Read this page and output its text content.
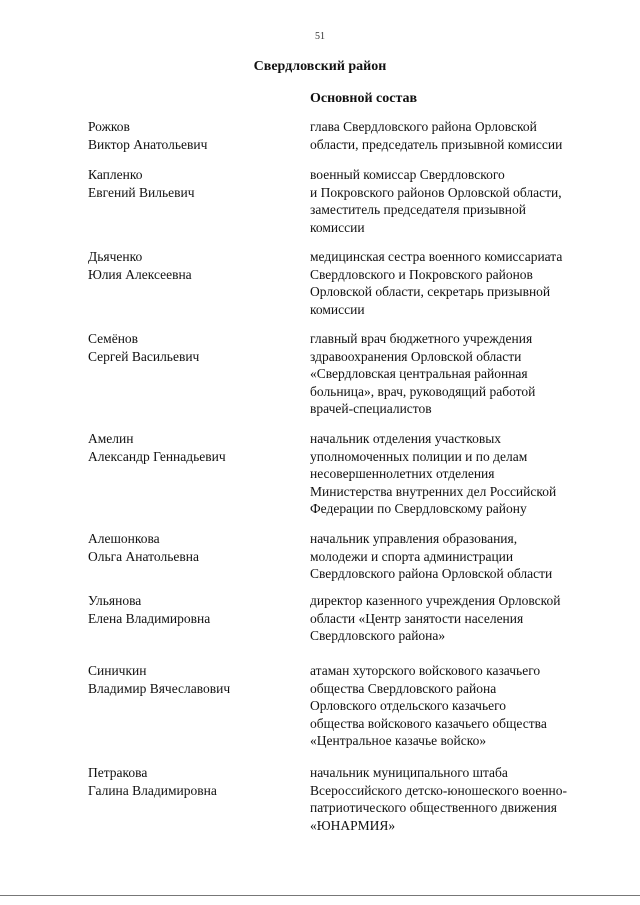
51
Свердловский район
Основной состав
Рожков
Виктор Анатольевич
глава Свердловского района Орловской
области, председатель призывной комиссии
Капленко
Евгений Вильевич
военный комиссар Свердловского
и Покровского районов Орловской области,
заместитель председателя призывной
комиссии
Дьяченко
Юлия Алексеевна
медицинская сестра военного комиссариата
Свердловского и Покровского районов
Орловской области, секретарь призывной
комиссии
Семёнов
Сергей Васильевич
главный врач бюджетного учреждения
здравоохранения Орловской области
«Свердловская центральная районная
больница», врач, руководящий работой
врачей-специалистов
Амелин
Александр Геннадьевич
начальник отделения участковых
уполномоченных полиции и по делам
несовершеннолетних отделения
Министерства внутренних дел Российской
Федерации по Свердловскому району
Алешонкова
Ольга Анатольевна
начальник управления образования,
молодежи и спорта администрации
Свердловского района Орловской области
Ульянова
Елена Владимировна
директор казенного учреждения Орловской
области «Центр занятости населения
Свердловского района»
Синичкин
Владимир Вячеславович
атаман хуторского войскового казачьего
общества Свердловского района
Орловского отдельского казачьего
общества войскового казачьего общества
«Центральное казачье войско»
Петракова
Галина Владимировна
начальник муниципального штаба
Всероссийского детско-юношеского военно-
патриотического общественного движения
«ЮНАРМИЯ»
